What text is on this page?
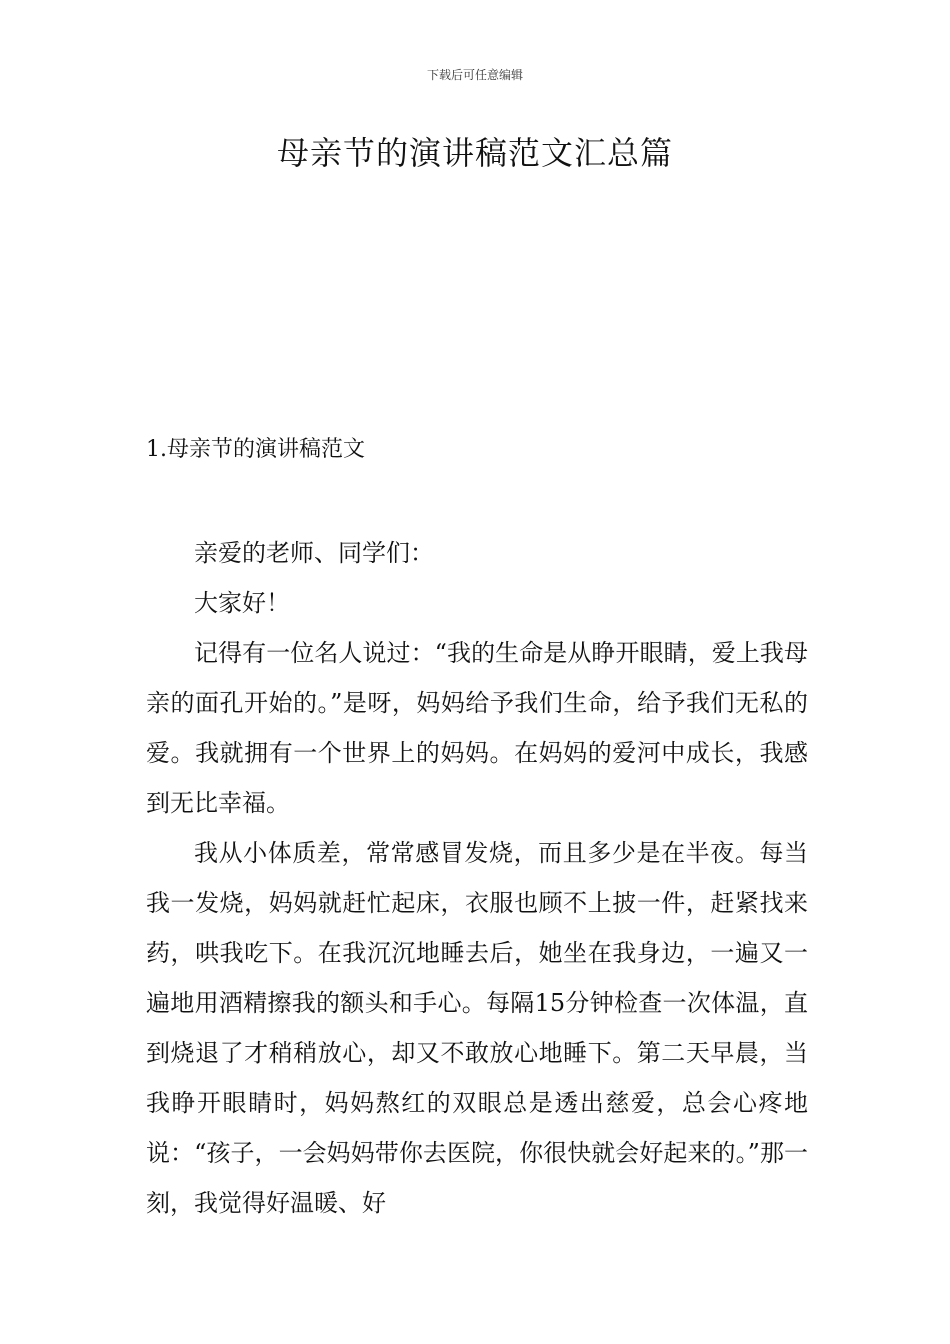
下载后可任意编辑
母亲节的演讲稿范文汇总篇
1.母亲节的演讲稿范文

亲爱的老师、同学们：

大家好！

记得有一位名人说过：“我的生命是从睁开眼睛，爱上我母亲的面孔开始的。”是呀，妈妈给予我们生命，给予我们无私的爱。我就拥有一个世界上的妈妈。在妈妈的爱河中成长，我感到无比幸福。

我从小体质差，常常感冒发烧，而且多少是在半夜。每当我一发烧，妈妈就赶忙起床，衣服也顾不上披一件，赶紧找来药，哄我吃下。在我沉沉地睡去后，她坐在我身边，一遍又一遍地用酒精擦我的额头和手心。每隔15分钟检查一次体温，直到烧退了才稍稍放心，却又不敢放心地睡下。第二天早晨，当我睁开眼睛时，妈妈熬红的双眼总是透出慈爱，总会心疼地说：“孩子，一会妈妈带你去医院，你很快就会好起来的。”那一刻，我觉得好温暖、好
